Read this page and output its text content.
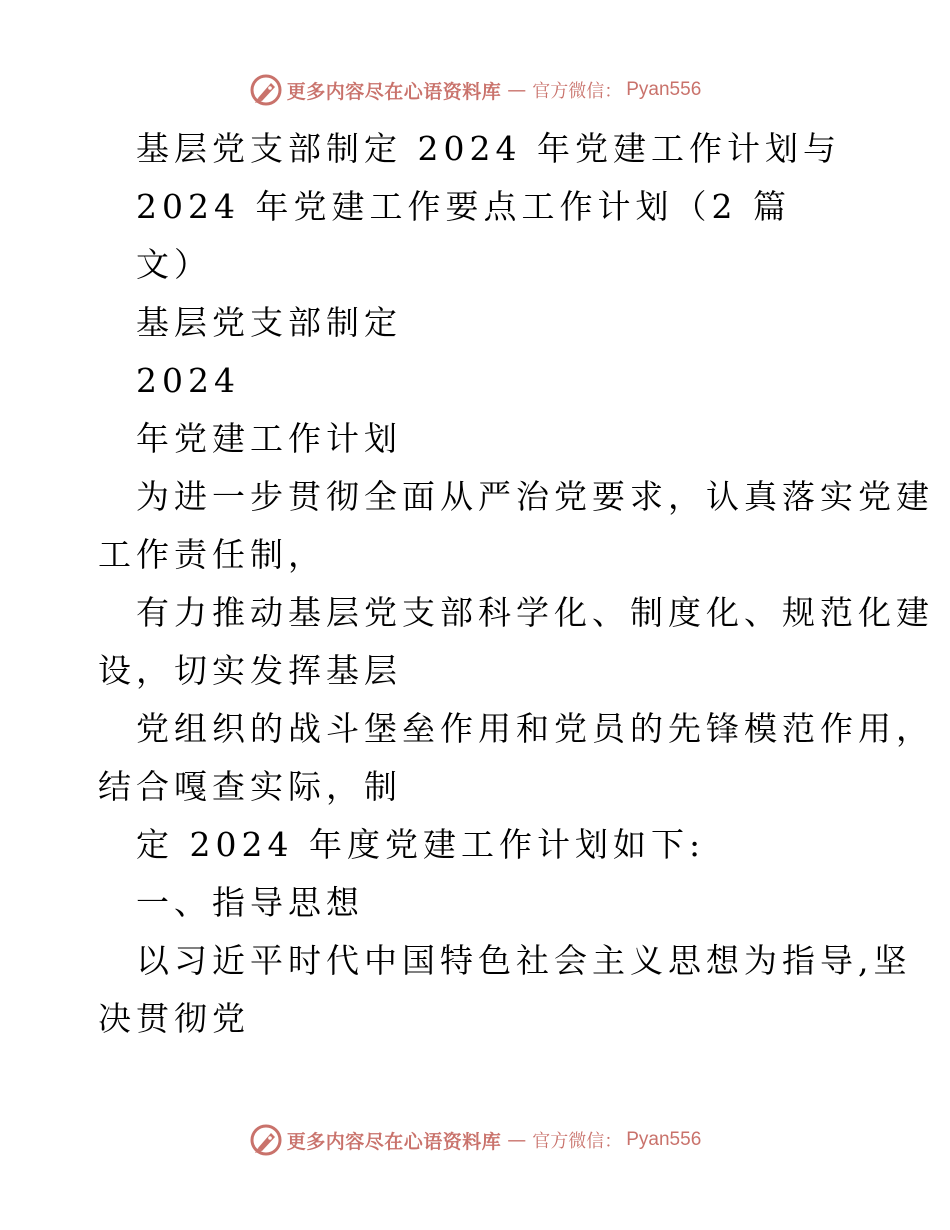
更多内容尽在心语资料库 — 官方微信： Pyan556
基层党支部制定 2024 年党建工作计划与
2024 年党建工作要点工作计划（2 篇
文）
基层党支部制定
2024
年党建工作计划
为进一步贯彻全面从严治党要求，认真落实党建
工作责任制，
有力推动基层党支部科学化、制度化、规范化建
设，切实发挥基层
党组织的战斗堡垒作用和党员的先锋模范作用，
结合嘎查实际，制
定 2024 年度党建工作计划如下:
一、指导思想
以习近平时代中国特色社会主义思想为指导,坚
决贯彻党
更多内容尽在心语资料库 — 官方微信： Pyan556
